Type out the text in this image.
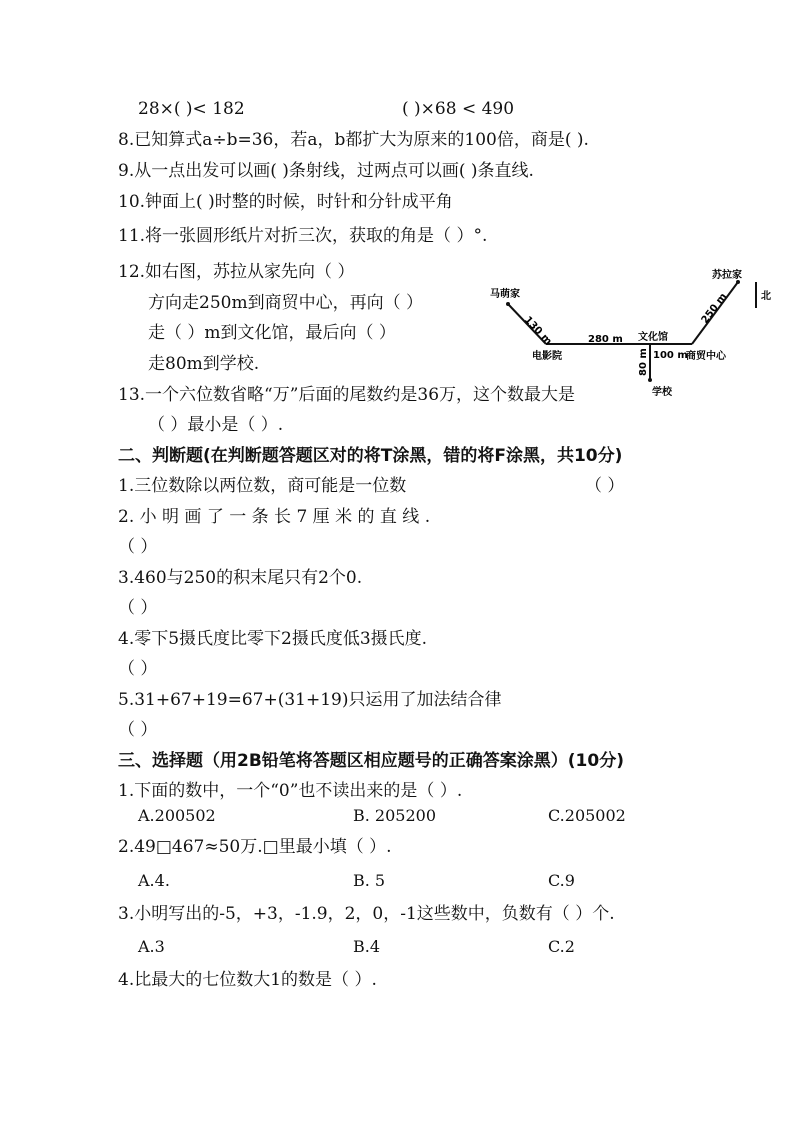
28×( )< 182	( )×68 < 490
8.已知算式a÷b=36，若a，b都扩大为原来的100倍，商是( ).
9.从一点出发可以画( )条射线，过两点可以画( )条直线.
10.钟面上( )时整的时候，时针和分针成平角
11.将一张圆形纸片对折三次，获取的角是（ ）°.
12.如右图，苏拉从家先向（ ）
方向走250m到商贸中心，再向（ ）
走（ ）m到文化馆，最后向（ ）
走80m到学校.
北
马萌家
苏拉家
130 m	280 m
250 m
文化馆
电影院	100 m
商贸中心
80 m
学校
13.一个六位数省略“万”后面的尾数约是36万，这个数最大是
（ ）最小是（ ）.
二、判断题(在判断题答题区对的将T涂黑，错的将F涂黑，共10分)
1.三位数除以两位数，商可能是一位数	（ ）
2. 小 明 画 了 一 条 长 7 厘 米 的 直 线 .
（ ）
3.460与250的积末尾只有2个0.
（ ）
4.零下5摄氏度比零下2摄氏度低3摄氏度.
（ ）
5.31+67+19=67+(31+19)只运用了加法结合律
（ ）
三、选择题（用2B铅笔将答题区相应题号的正确答案涂黑）(10分)
1.下面的数中，一个“0”也不读出来的是（ ）.
A.200502	B. 205200	C.205002
2.49□467≈50万.□里最小填（ ）.
A.4.	B. 5	C.9
3.小明写出的-5，+3，-1.9，2，0，-1这些数中，负数有（ ）个.
A.3	B.4	C.2
4.比最大的七位数大1的数是（ ）.
